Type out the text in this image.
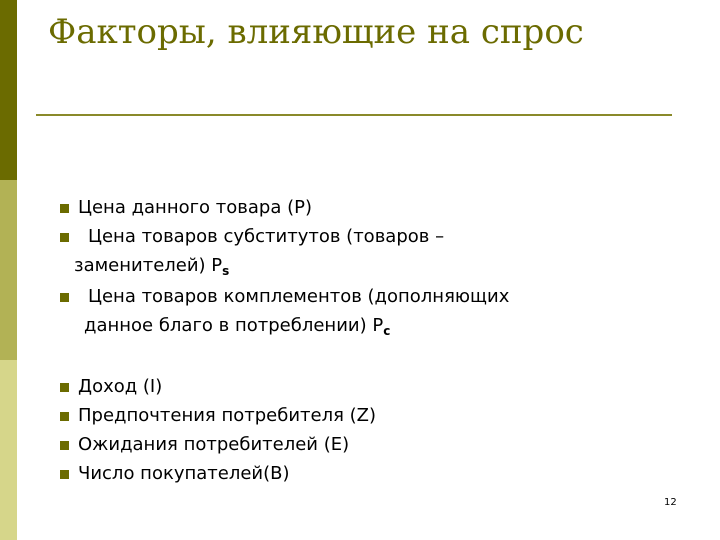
Факторы, влияющие на спрос
Цена данного товара (Р)
Цена товаров субститутов (товаров –
заменителей) $Р_s$
Цена товаров комплементов (дополняющих
данное благо в потреблении) $Р_c$
Доход (I)
Предпочтения потребителя (Z)
Ожидания потребителей (E)
Число покупателей(B)
12
